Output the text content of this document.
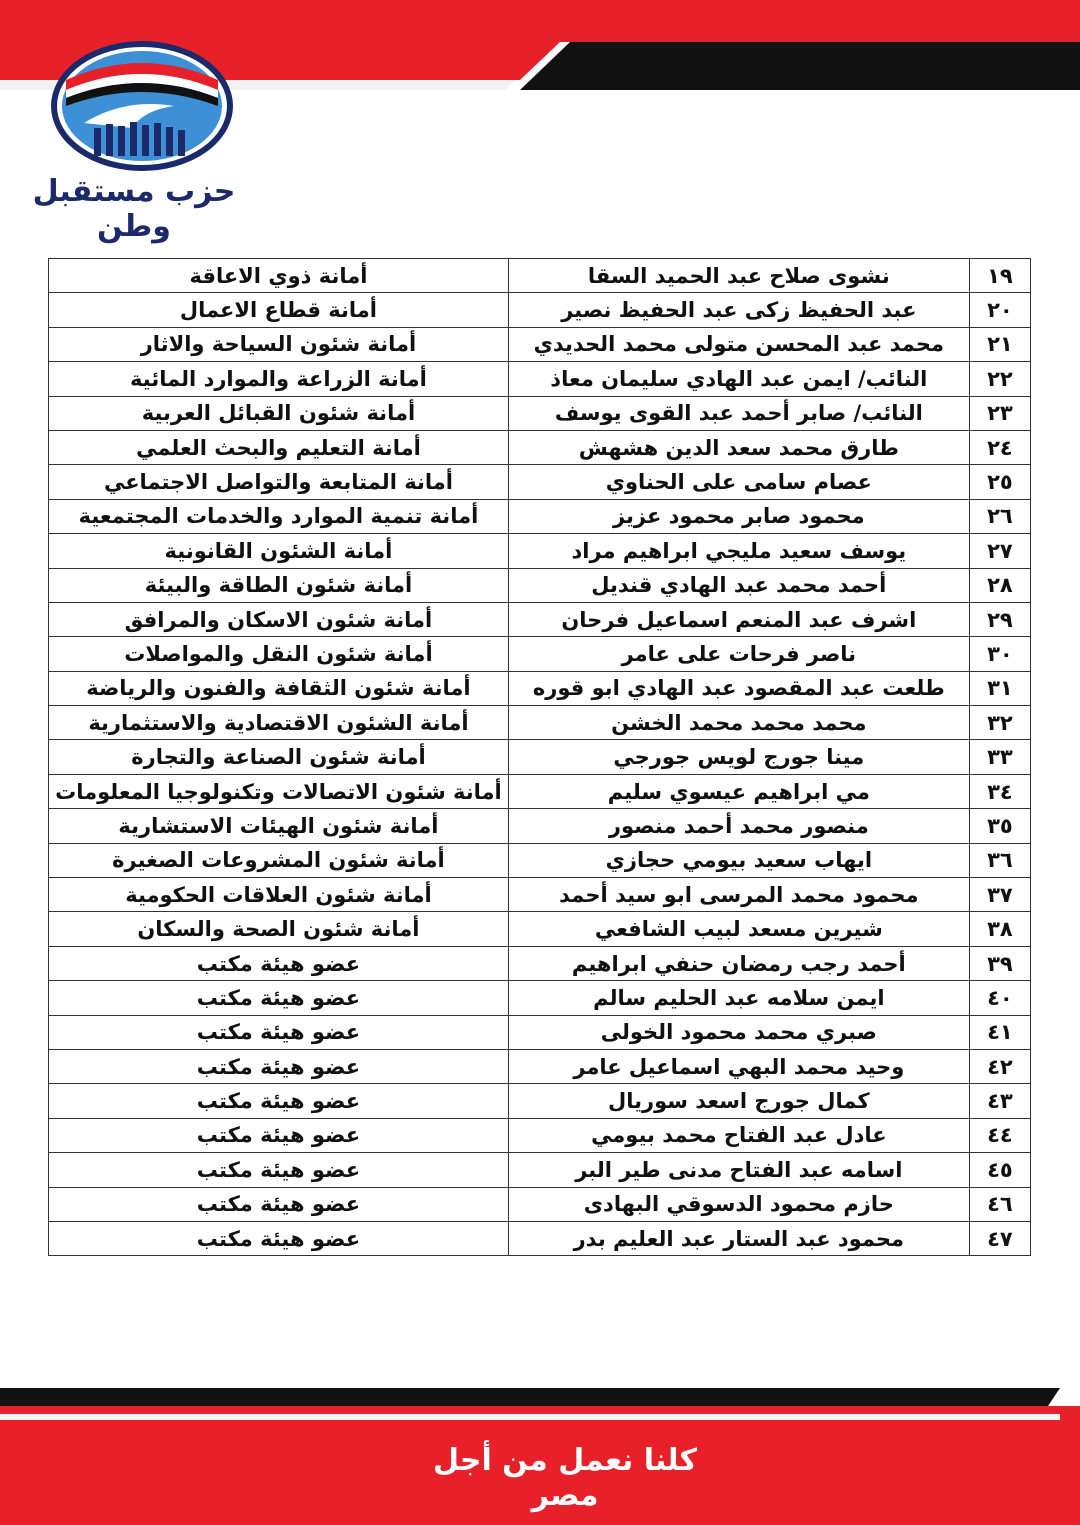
الأمانة العامة
حزب مستقبل وطن
١٩	نشوى صلاح عبد الحميد السقا	أمانة ذوي الاعاقة
٢٠	عبد الحفيظ زكى عبد الحفيظ نصير	أمانة قطاع الاعمال
٢١	محمد عبد المحسن متولى محمد الحديدي	أمانة شئون السياحة والاثار
٢٢	النائب/ ايمن عبد الهادي سليمان معاذ	أمانة الزراعة والموارد المائية
٢٣	النائب/ صابر أحمد عبد القوى يوسف	أمانة شئون القبائل العربية
٢٤	طارق محمد سعد الدين هشهش	أمانة التعليم والبحث العلمي
٢٥	عصام سامى على الحناوي	أمانة المتابعة والتواصل الاجتماعي
٢٦	محمود صابر محمود عزيز	أمانة تنمية الموارد والخدمات المجتمعية
٢٧	يوسف سعيد مليجي ابراهيم مراد	أمانة الشئون القانونية
٢٨	أحمد محمد عبد الهادي قنديل	أمانة شئون الطاقة والبيئة
٢٩	اشرف عبد المنعم اسماعيل فرحان	أمانة شئون الاسكان والمرافق
٣٠	ناصر فرحات على عامر	أمانة شئون النقل والمواصلات
٣١	طلعت عبد المقصود عبد الهادي ابو قوره	أمانة شئون الثقافة والفنون والرياضة
٣٢	محمد محمد محمد الخشن	أمانة الشئون الاقتصادية والاستثمارية
٣٣	مينا جورج لويس جورجي	أمانة شئون الصناعة والتجارة
٣٤	مي ابراهيم عيسوي سليم	أمانة شئون الاتصالات وتكنولوجيا المعلومات
٣٥	منصور محمد أحمد منصور	أمانة شئون الهيئات الاستشارية
٣٦	ايهاب سعيد بيومي حجازي	أمانة شئون المشروعات الصغيرة
٣٧	محمود محمد المرسى ابو سيد أحمد	أمانة شئون العلاقات الحكومية
٣٨	شيرين مسعد لبيب الشافعي	أمانة شئون الصحة والسكان
٣٩	أحمد رجب رمضان حنفي ابراهيم	عضو هيئة مكتب
٤٠	ايمن سلامه عبد الحليم سالم	عضو هيئة مكتب
٤١	صبري محمد محمود الخولى	عضو هيئة مكتب
٤٢	وحيد محمد البهي اسماعيل عامر	عضو هيئة مكتب
٤٣	كمال جورج اسعد سوريال	عضو هيئة مكتب
٤٤	عادل عبد الفتاح محمد بيومي	عضو هيئة مكتب
٤٥	اسامه عبد الفتاح مدنى طير البر	عضو هيئة مكتب
٤٦	حازم محمود الدسوقي البهادى	عضو هيئة مكتب
٤٧	محمود عبد الستار عبد العليم بدر	عضو هيئة مكتب
كلنا نعمل من أجل مصر
